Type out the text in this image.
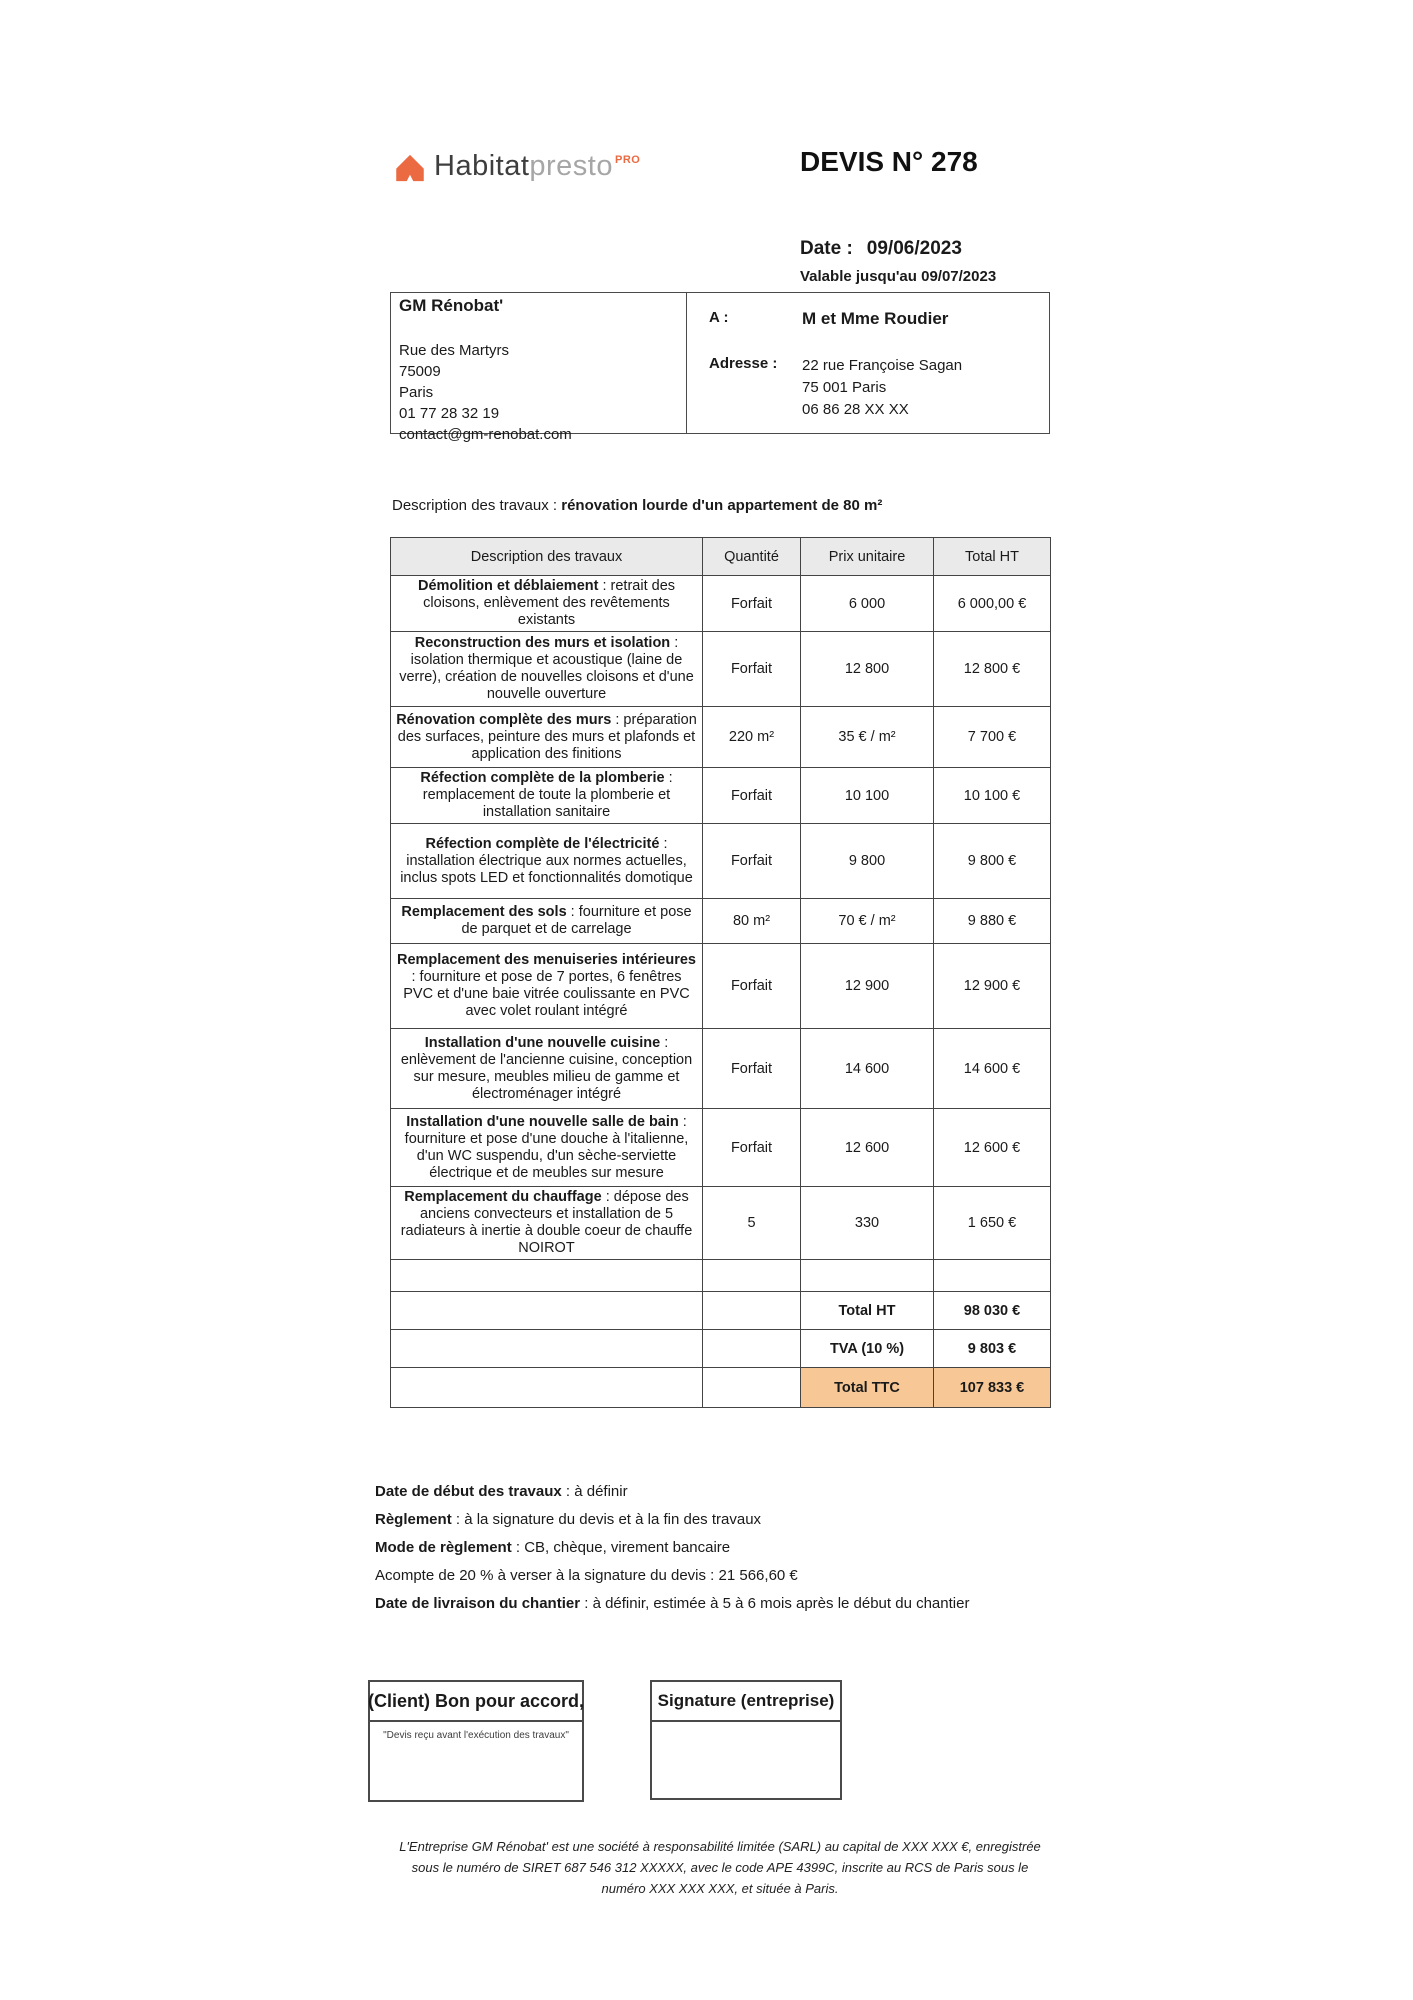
Habitat presto PRO	DEVIS N° 278
Date : 09/06/2023
Valable jusqu'au 09/07/2023
GM Rénobat'
Rue des Martyrs
75009
Paris
01 77 28 32 19
contact@gm-renobat.com
A :	M et Mme Roudier
Adresse :	22 rue Françoise Sagan
75 001 Paris
06 86 28 XX XX
Description des travaux : rénovation lourde d'un appartement de 80 m²
Description des travaux	Quantité	Prix unitaire	Total HT
Démolition et déblaiement : retrait des cloisons, enlèvement des revêtements existants	Forfait	6 000	6 000,00 €
Reconstruction des murs et isolation : isolation thermique et acoustique (laine de verre), création de nouvelles cloisons et d'une nouvelle ouverture	Forfait	12 800	12 800 €
Rénovation complète des murs : préparation des surfaces, peinture des murs et plafonds et application des finitions	220 m²	35 € / m²	7 700 €
Réfection complète de la plomberie : remplacement de toute la plomberie et installation sanitaire	Forfait	10 100	10 100 €
Réfection complète de l'électricité : installation électrique aux normes actuelles, inclus spots LED et fonctionnalités domotique	Forfait	9 800	9 800 €
Remplacement des sols : fourniture et pose de parquet et de carrelage	80 m²	70 € / m²	9 880 €
Remplacement des menuiseries intérieures : fourniture et pose de 7 portes, 6 fenêtres PVC et d'une baie vitrée coulissante en PVC avec volet roulant intégré	Forfait	12 900	12 900 €
Installation d'une nouvelle cuisine : enlèvement de l'ancienne cuisine, conception sur mesure, meubles milieu de gamme et électroménager intégré	Forfait	14 600	14 600 €
Installation d'une nouvelle salle de bain : fourniture et pose d'une douche à l'italienne, d'un WC suspendu, d'un sèche-serviette électrique et de meubles sur mesure	Forfait	12 600	12 600 €
Remplacement du chauffage : dépose des anciens convecteurs et installation de 5 radiateurs à inertie à double coeur de chauffe NOIROT	5	330	1 650 €

		Total HT	98 030 €
		TVA (10 %)	9 803 €
		Total TTC	107 833 €
Date de début des travaux : à définir
Règlement : à la signature du devis et à la fin des travaux
Mode de règlement : CB, chèque, virement bancaire
Acompte de 20 % à verser à la signature du devis : 21 566,60 €
Date de livraison du chantier : à définir, estimée à 5 à 6 mois après le début du chantier
(Client) Bon pour accord,
"Devis reçu avant l'exécution des travaux"
Signature (entreprise)
L'Entreprise GM Rénobat' est une société à responsabilité limitée (SARL) au capital de XXX XXX €, enregistrée sous le numéro de SIRET 687 546 312 XXXXX, avec le code APE 4399C, inscrite au RCS de Paris sous le numéro XXX XXX XXX, et située à Paris.
